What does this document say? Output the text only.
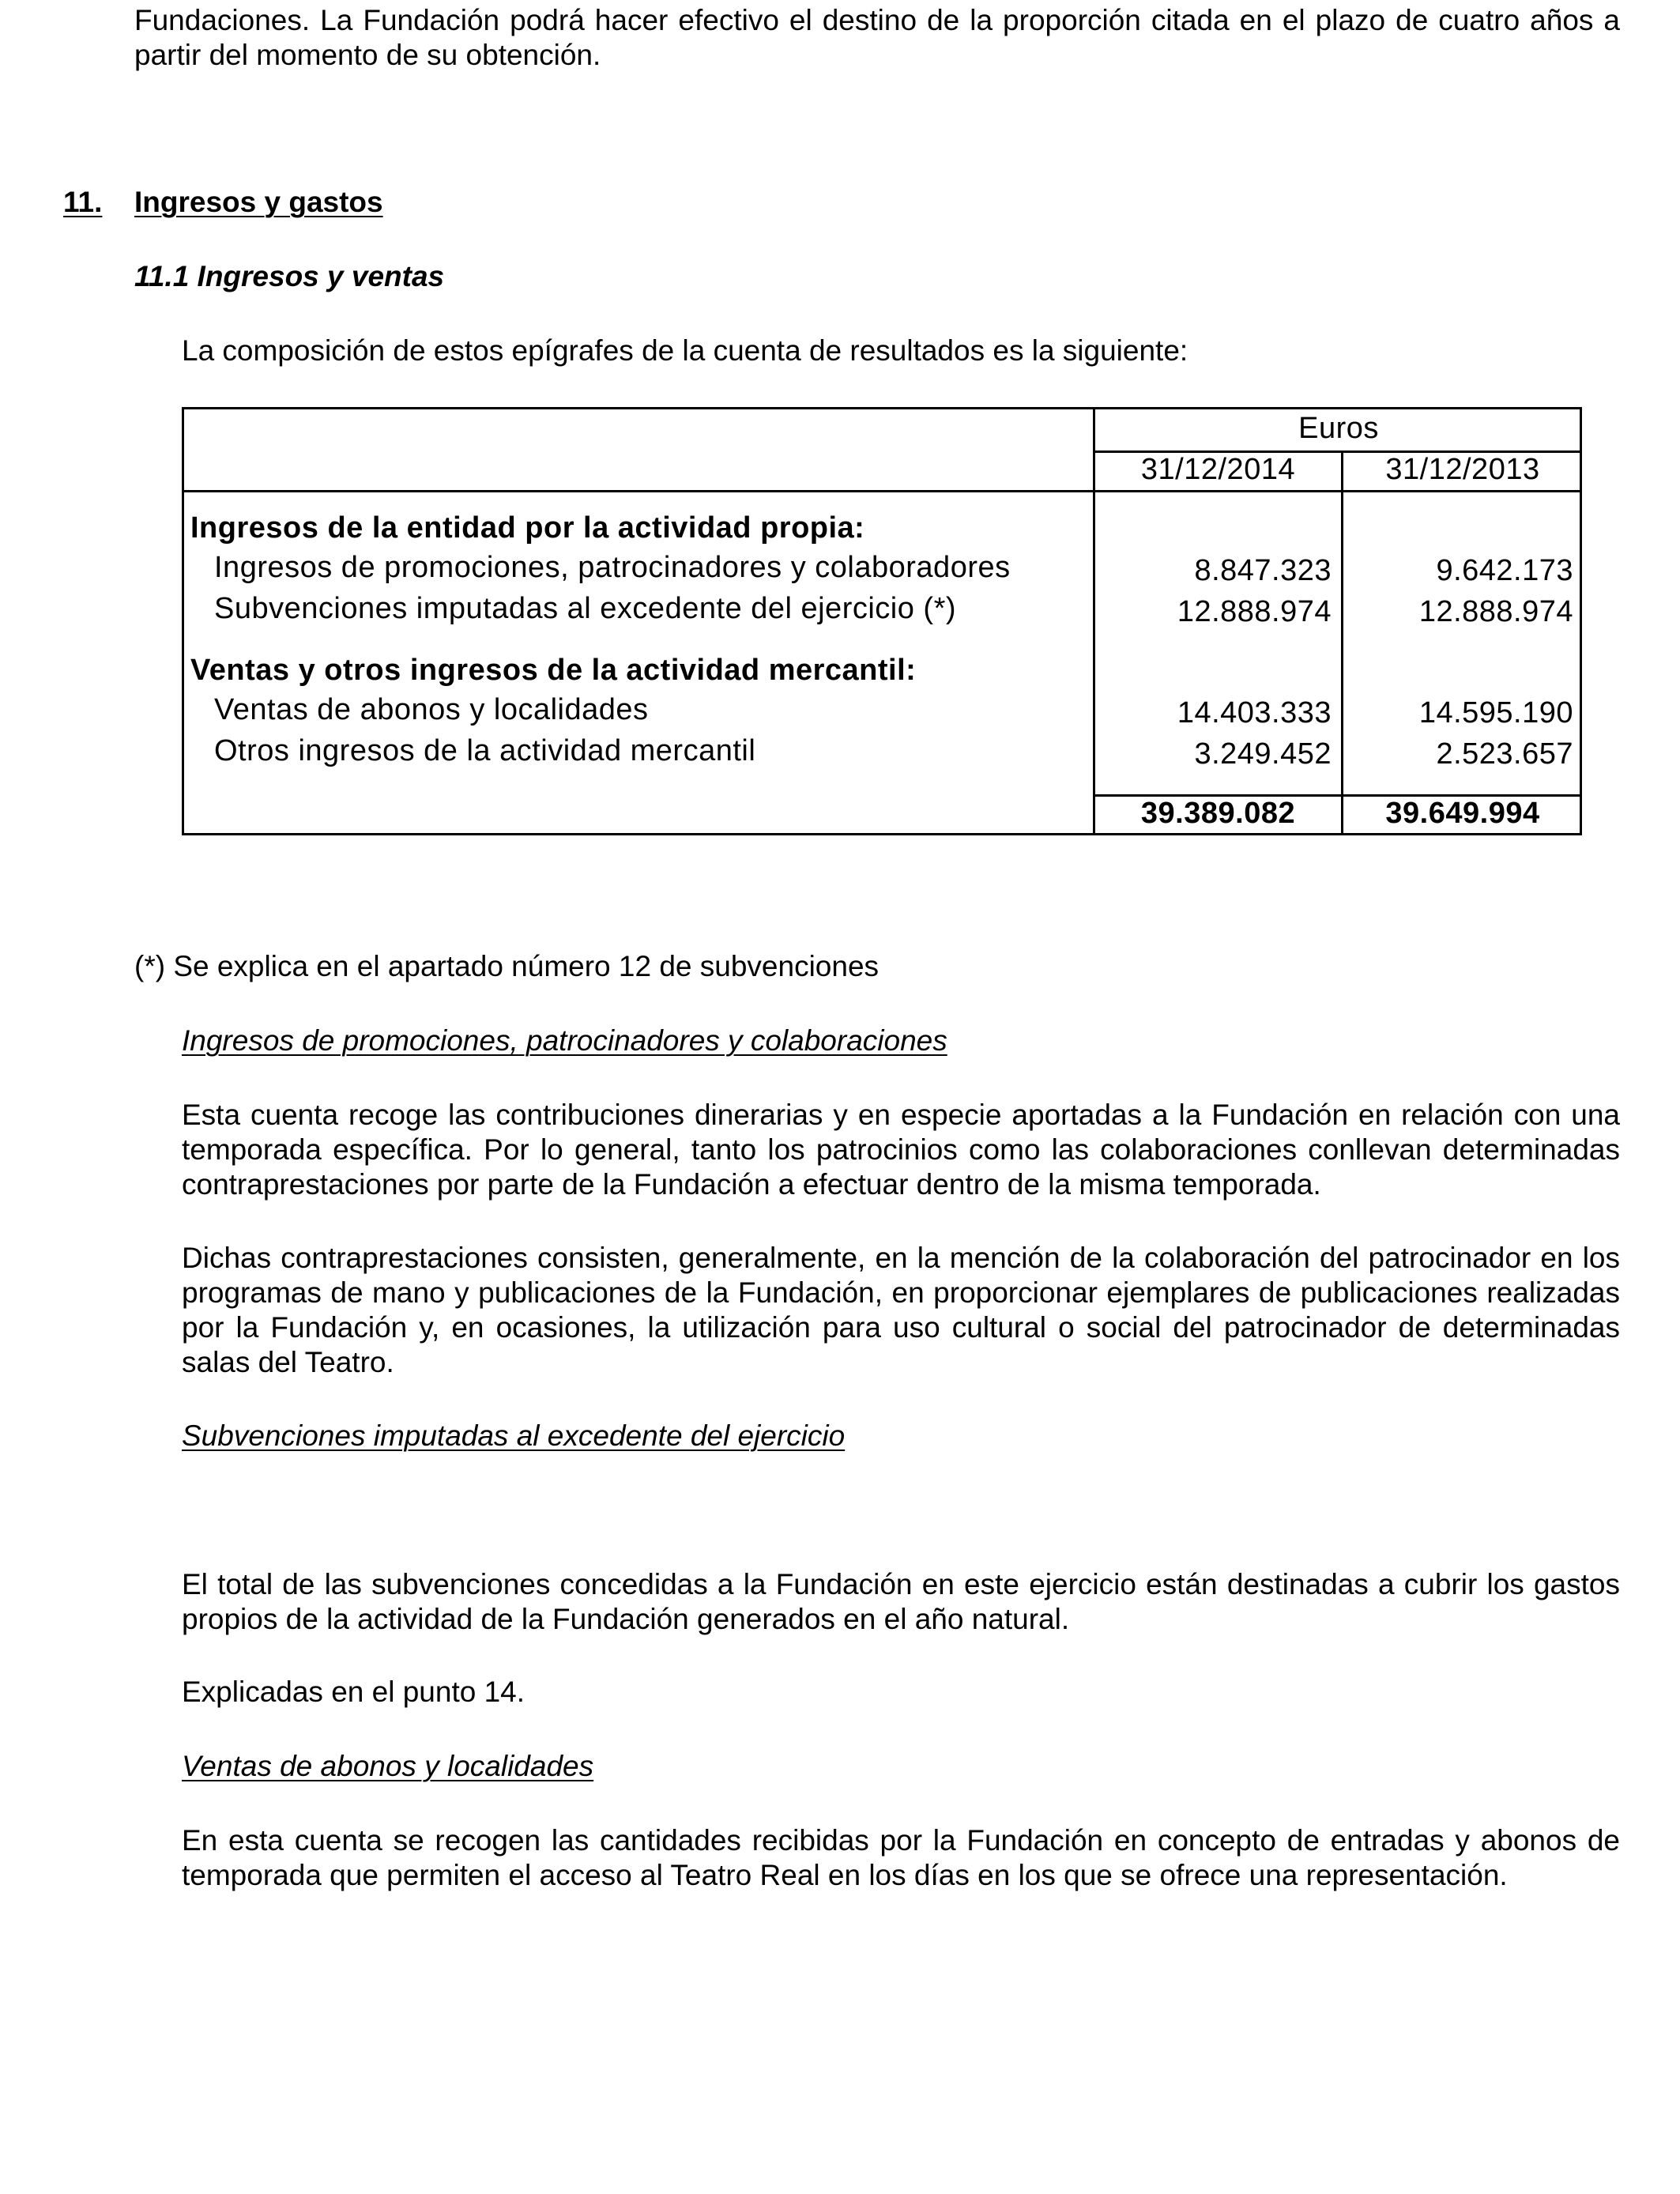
Fundaciones. La Fundación podrá hacer efectivo el destino de la proporción citada en el plazo de cuatro años a partir del momento de su obtención.

11. Ingresos y gastos
11.1 Ingresos y ventas

La composición de estos epígrafes de la cuenta de resultados es la siguiente:

Euros
31/12/2014	31/12/2013
Ingresos de la entidad por la actividad propia:
Ingresos de promociones, patrocinadores y colaboradores	8.847.323	9.642.173
Subvenciones imputadas al excedente del ejercicio (*)	12.888.974	12.888.974
Ventas y otros ingresos de la actividad mercantil:
Ventas de abonos y localidades	14.403.333	14.595.190
Otros ingresos de la actividad mercantil	3.249.452	2.523.657
39.389.082	39.649.994

(*) Se explica en el apartado número 12 de subvenciones

Ingresos de promociones, patrocinadores y colaboraciones

Esta cuenta recoge las contribuciones dinerarias y en especie aportadas a la Fundación en relación con una temporada específica. Por lo general, tanto los patrocinios como las colaboraciones conllevan determinadas contraprestaciones por parte de la Fundación a efectuar dentro de la misma temporada.

Dichas contraprestaciones consisten, generalmente, en la mención de la colaboración del patrocinador en los programas de mano y publicaciones de la Fundación, en proporcionar ejemplares de publicaciones realizadas por la Fundación y, en ocasiones, la utilización para uso cultural o social del patrocinador de determinadas salas del Teatro.

Subvenciones imputadas al excedente del ejercicio

El total de las subvenciones concedidas a la Fundación en este ejercicio están destinadas a cubrir los gastos propios de la actividad de la Fundación generados en el año natural.

Explicadas en el punto 14.

Ventas de abonos y localidades

En esta cuenta se recogen las cantidades recibidas por la Fundación en concepto de entradas y abonos de temporada que permiten el acceso al Teatro Real en los días en los que se ofrece una representación.
